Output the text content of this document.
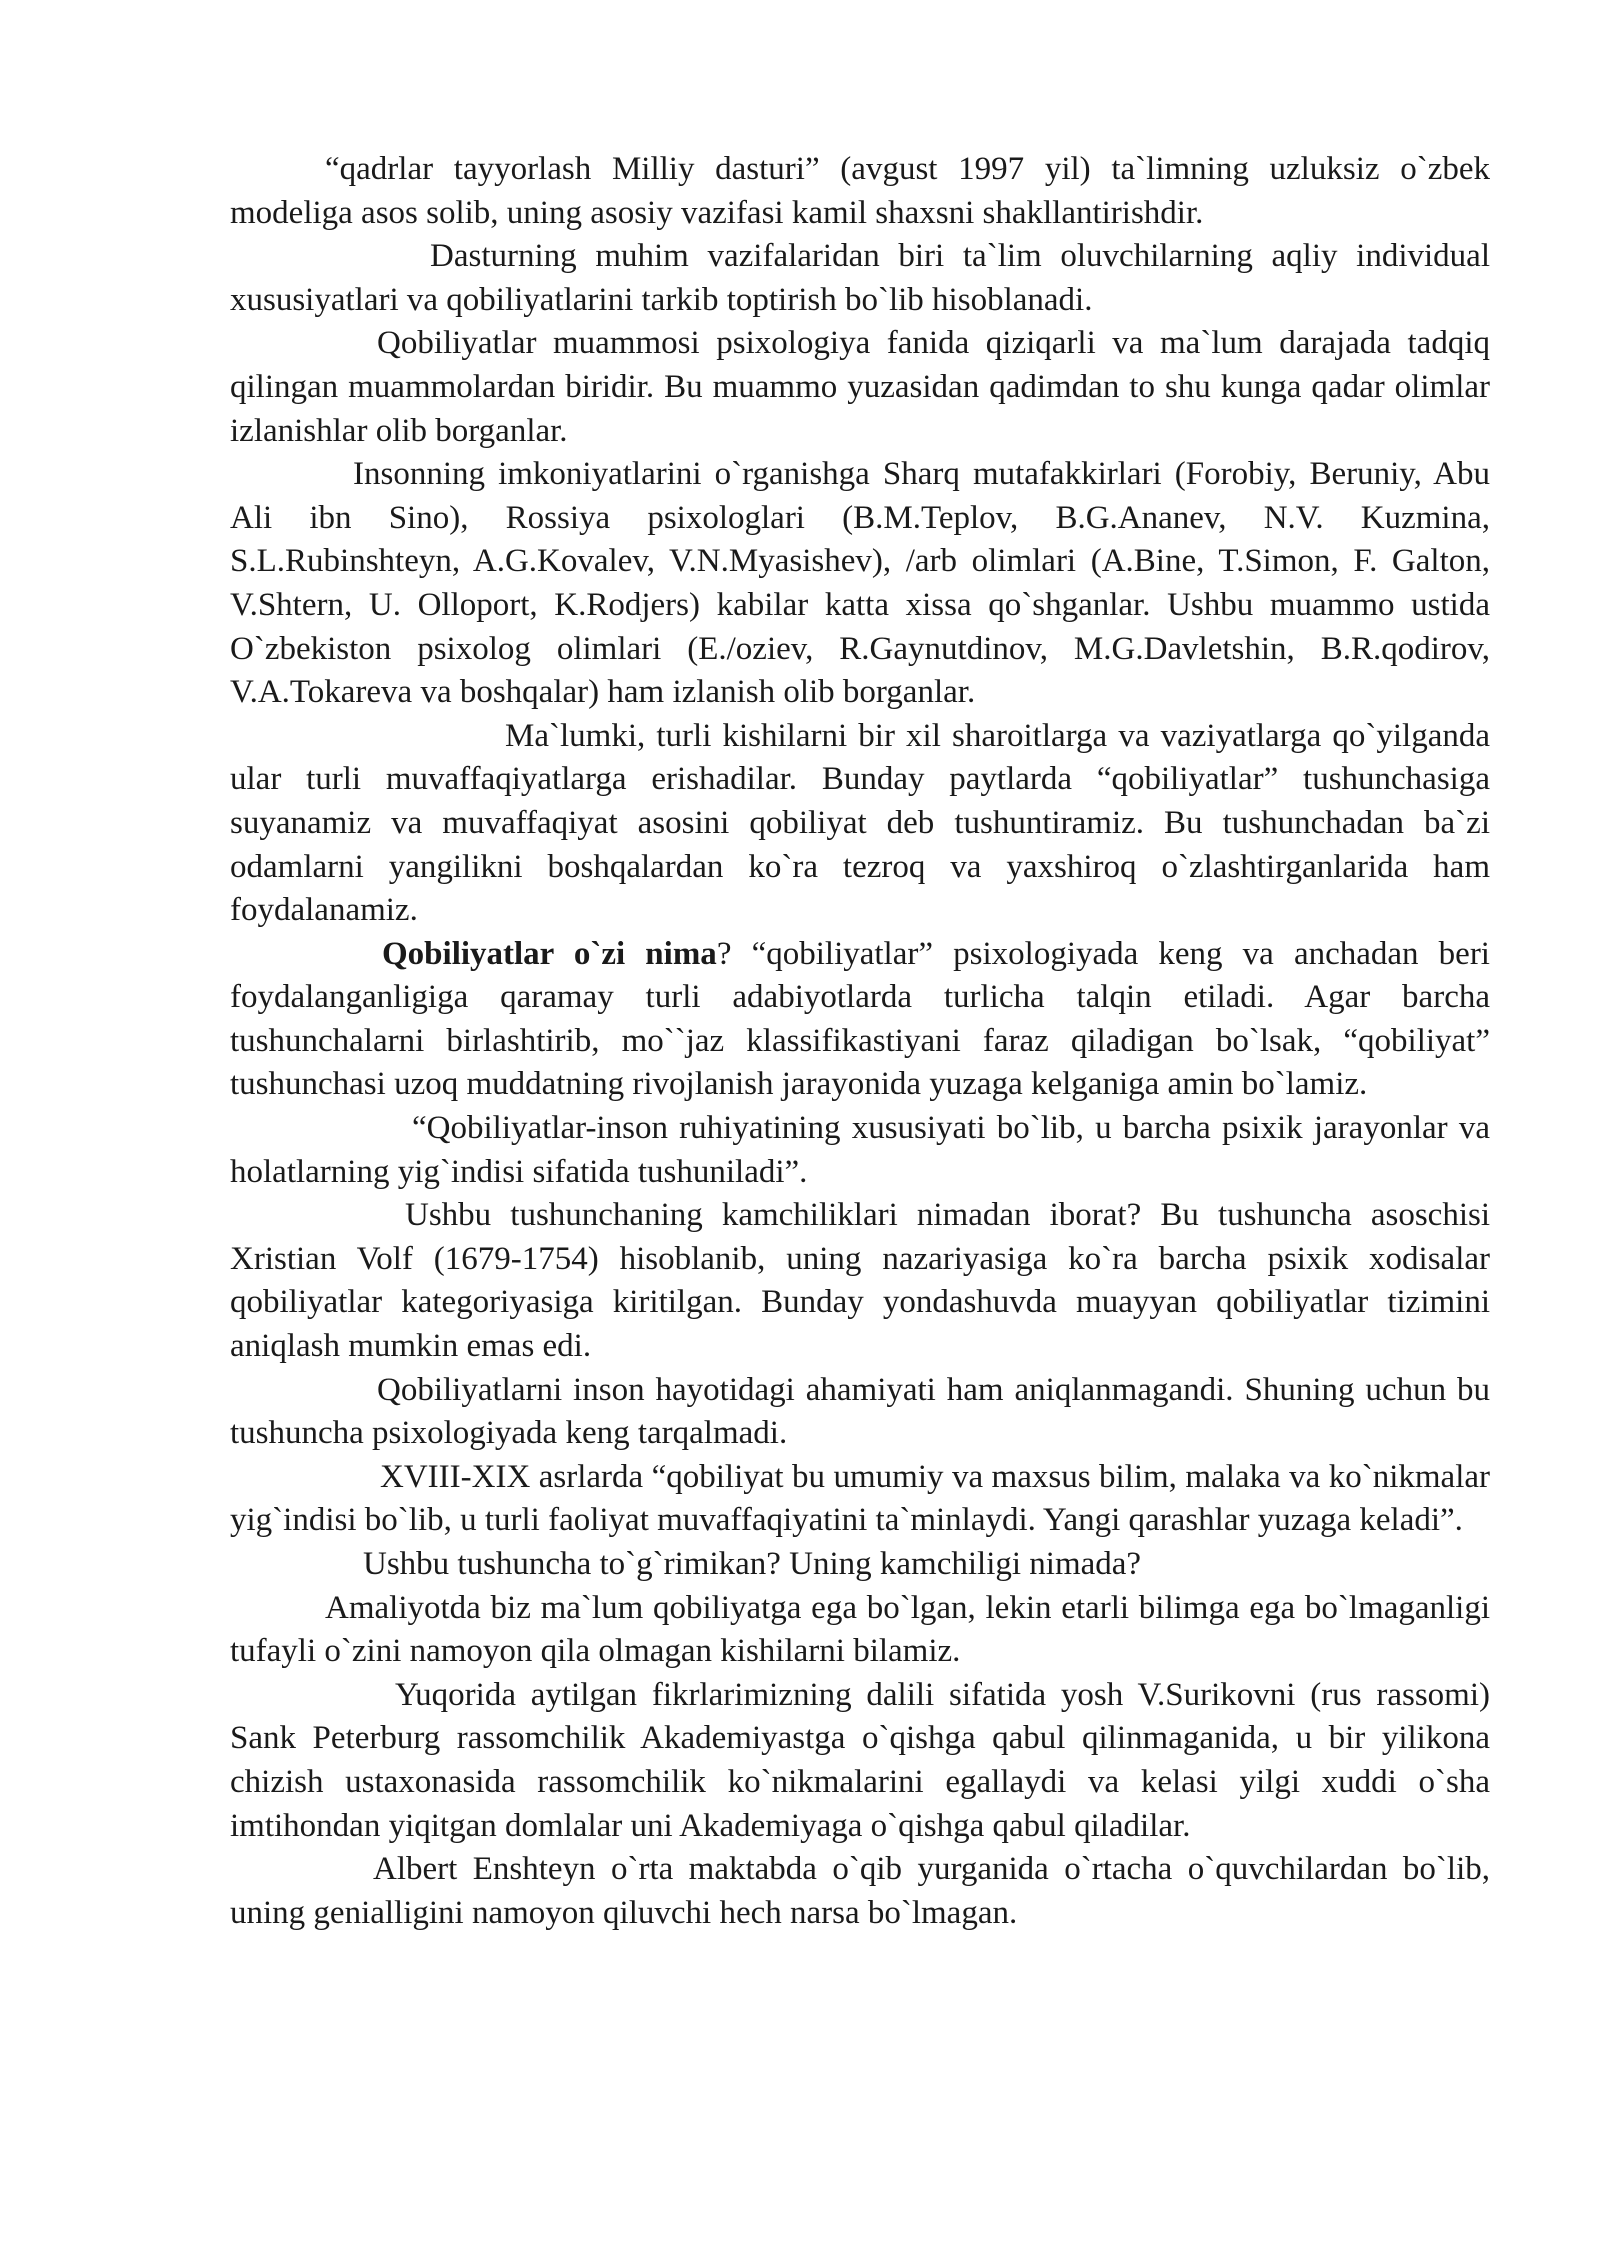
“qadrlar tayyorlash Milliy dasturi” (avgust 1997 yil) ta`limning uzluksiz o`zbek modeliga asos solib, uning asosiy vazifasi kamil shaxsni shakllantirishdir.

Dasturning muhim vazifalaridan biri ta`lim oluvchilarning aqliy individual xususiyatlari va qobiliyatlarini tarkib toptirish bo`lib hisoblanadi.

Qobiliyatlar muammosi psixologiya fanida qiziqarli va ma`lum darajada tadqiq qilingan muammolardan biridir. Bu muammo yuzasidan qadimdan to shu kunga qadar olimlar izlanishlar olib borganlar.

Insonning imkoniyatlarini o`rganishga Sharq mutafakkirlari (Forobiy, Beruniy, Abu Ali ibn Sino), Rossiya psixologlari (B.M.Teplov, B.G.Ananev, N.V. Kuzmina, S.L.Rubinshteyn, A.G.Kovalev, V.N.Myasishev), /arb olimlari (A.Bine, T.Simon, F. Galton, V.Shtern, U. Olloport, K.Rodjers) kabilar katta xissa qo`shganlar. Ushbu muammo ustida O`zbekiston psixolog olimlari (E./oziev, R.Gaynutdinov, M.G.Davletshin, B.R.qodirov, V.A.Tokareva va boshqalar) ham izlanish olib borganlar.

Ma`lumki, turli kishilarni bir xil sharoitlarga va vaziyatlarga qo`yilganda ular turli muvaffaqiyatlarga erishadilar. Bunday paytlarda “qobiliyatlar” tushunchasiga suyanamiz va muvaffaqiyat asosini qobiliyat deb tushuntiramiz. Bu tushunchadan ba`zi odamlarni yangilikni boshqalardan ko`ra tezroq va yaxshiroq o`zlashtirganlarida ham foydalanamiz.

Qobiliyatlar o`zi nima? “qobiliyatlar” psixologiyada keng va anchadan beri foydalanganligiga qaramay turli adabiyotlarda turlicha talqin etiladi. Agar barcha tushunchalarni birlashtirib, mo``jaz klassifikastiyani faraz qiladigan bo`lsak, “qobiliyat” tushunchasi uzoq muddatning rivojlanish jarayonida yuzaga kelganiga amin bo`lamiz.

“Qobiliyatlar-inson ruhiyatining xususiyati bo`lib, u barcha psixik jarayonlar va holatlarning yig`indisi sifatida tushuniladi”.

Ushbu tushunchaning kamchiliklari nimadan iborat? Bu tushuncha asoschisi Xristian Volf (1679-1754) hisoblanib, uning nazariyasiga ko`ra barcha psixik xodisalar qobiliyatlar kategoriyasiga kiritilgan. Bunday yondashuvda muayyan qobiliyatlar tizimini aniqlash mumkin emas edi.

Qobiliyatlarni inson hayotidagi ahamiyati ham aniqlanmagandi. Shuning uchun bu tushuncha psixologiyada keng tarqalmadi.

XVIII-XIX asrlarda “qobiliyat bu umumiy va maxsus bilim, malaka va ko`nikmalar yig`indisi bo`lib, u turli faoliyat muvaffaqiyatini ta`minlaydi. Yangi qarashlar yuzaga keladi”.

Ushbu tushuncha to`g`rimikan? Uning kamchiligi nimada?

Amaliyotda biz ma`lum qobiliyatga ega bo`lgan, lekin etarli bilimga ega bo`lmaganligi tufayli o`zini namoyon qila olmagan kishilarni bilamiz.

Yuqorida aytilgan fikrlarimizning dalili sifatida yosh V.Surikovni (rus rassomi) Sank Peterburg rassomchilik Akademiyastga o`qishga qabul qilinmaganida, u bir yilikona chizish ustaxonasida rassomchilik ko`nikmalarini egallaydi va kelasi yilgi xuddi o`sha imtihondan yiqitgan domlalar uni Akademiyaga o`qishga qabul qiladilar.

Albert Enshteyn o`rta maktabda o`qib yurganida o`rtacha o`quvchilardan bo`lib, uning genialligini namoyon qiluvchi hech narsa bo`lmagan.
